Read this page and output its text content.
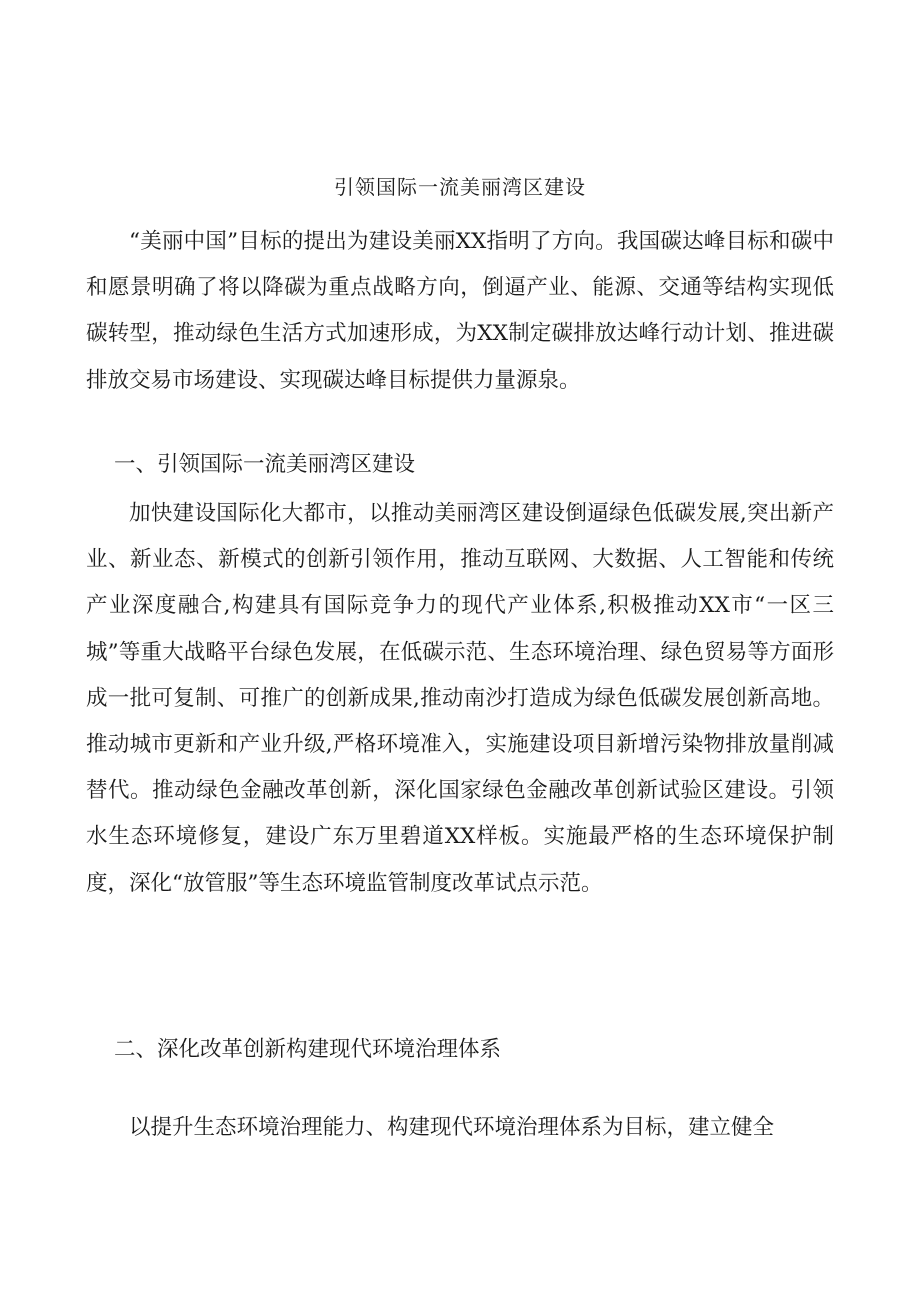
引领国际一流美丽湾区建设

“美丽中国”目标的提出为建设美丽XX指明了方向。我国碳达峰目标和碳中和愿景明确了将以降碳为重点战略方向，倒逼产业、能源、交通等结构实现低碳转型，推动绿色生活方式加速形成，为XX制定碳排放达峰行动计划、推进碳排放交易市场建设、实现碳达峰目标提供力量源泉。

一、引领国际一流美丽湾区建设

加快建设国际化大都市，以推动美丽湾区建设倒逼绿色低碳发展,突出新产业、新业态、新模式的创新引领作用，推动互联网、大数据、人工智能和传统产业深度融合,构建具有国际竞争力的现代产业体系,积极推动XX市“一区三城”等重大战略平台绿色发展，在低碳示范、生态环境治理、绿色贸易等方面形成一批可复制、可推广的创新成果,推动南沙打造成为绿色低碳发展创新高地。推动城市更新和产业升级,严格环境准入，实施建设项目新增污染物排放量削减替代。推动绿色金融改革创新，深化国家绿色金融改革创新试验区建设。引领水生态环境修复，建设广东万里碧道XX样板。实施最严格的生态环境保护制度，深化“放管服”等生态环境监管制度改革试点示范。

二、深化改革创新构建现代环境治理体系

以提升生态环境治理能力、构建现代环境治理体系为目标，建立健全
